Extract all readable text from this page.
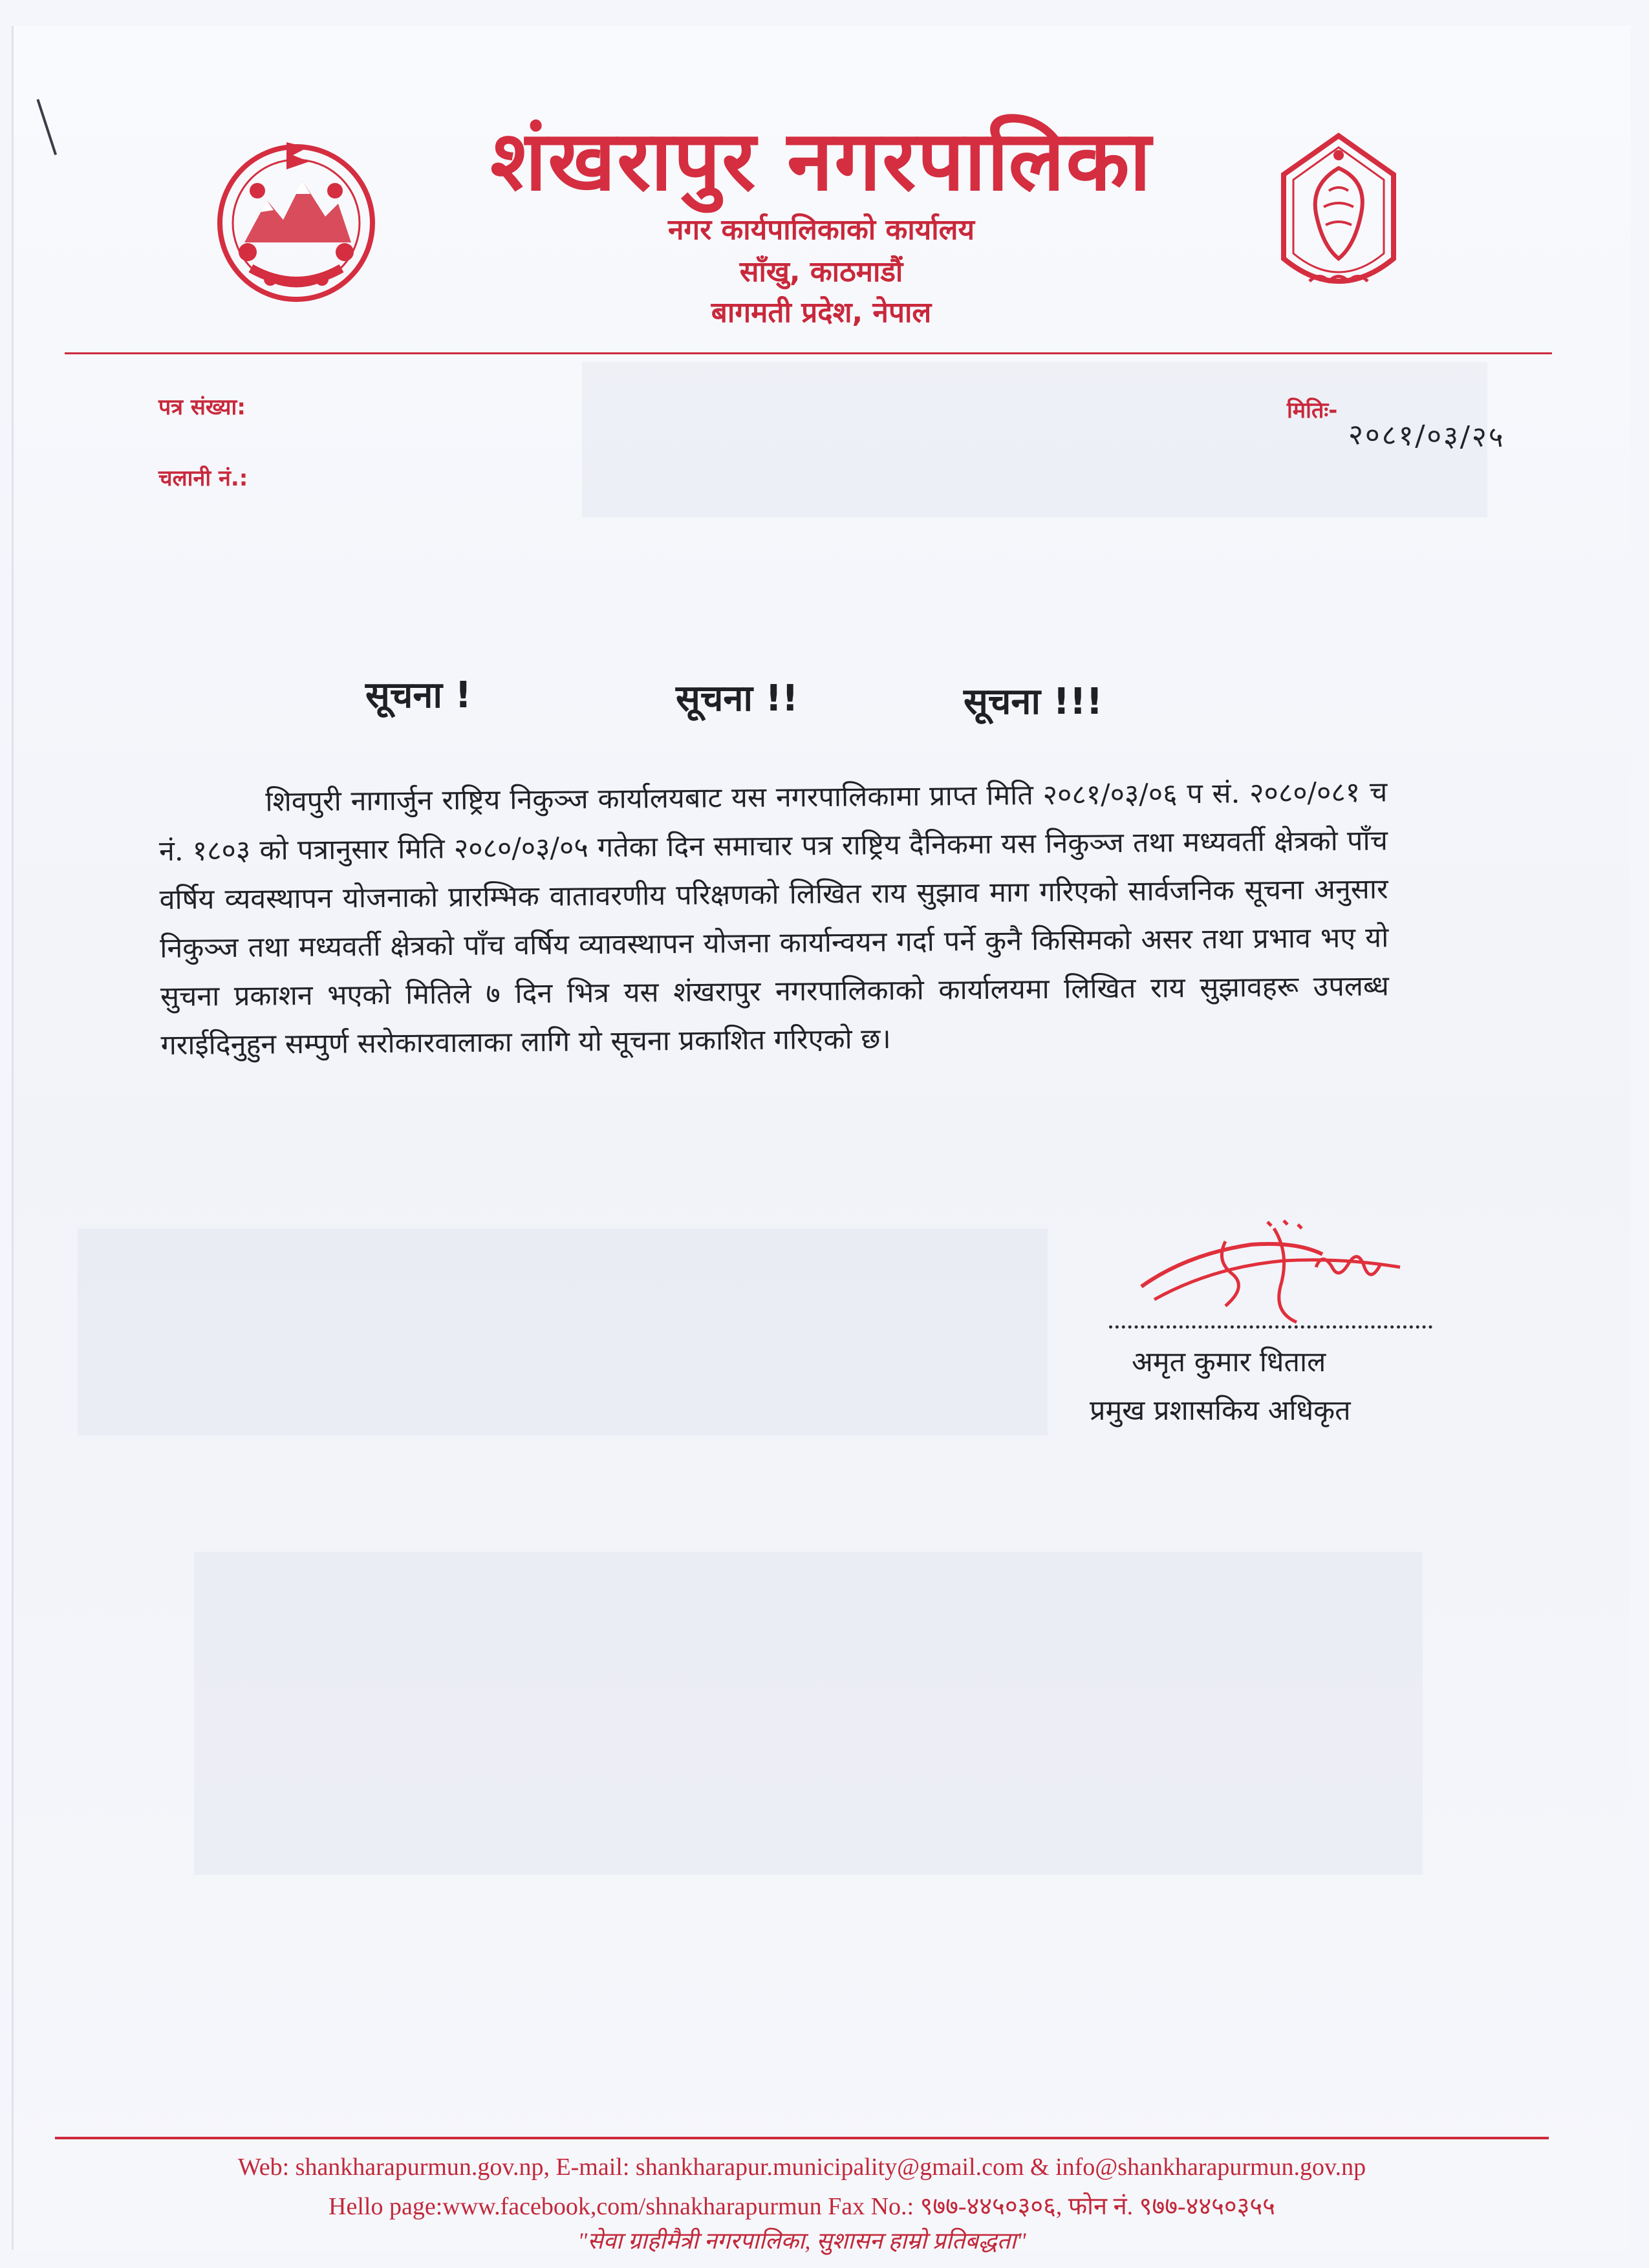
शंखरापुर नगरपालिका
नगर कार्यपालिकाको कार्यालय
साँखु, काठमाडौं
बागमती प्रदेश, नेपाल
पत्र संख्या:
चलानी नं.:
मितिः-
२०८१/०३/२५
सूचना !	सूचना !!	सूचना !!!
शिवपुरी नागार्जुन राष्ट्रिय निकुञ्ज कार्यालयबाट यस नगरपालिकामा प्राप्त मिति २०८१/०३/०६ प सं. २०८०/०८१ च नं. १८०३ को पत्रानुसार मिति २०८०/०३/०५ गतेका दिन समाचार पत्र राष्ट्रिय दैनिकमा यस निकुञ्ज तथा मध्यवर्ती क्षेत्रको पाँच वर्षिय व्यवस्थापन योजनाको प्रारम्भिक वातावरणीय परिक्षणको लिखित राय सुझाव माग गरिएको सार्वजनिक सूचना अनुसार निकुञ्ज तथा मध्यवर्ती क्षेत्रको पाँच वर्षिय व्यावस्थापन योजना कार्यान्वयन गर्दा पर्ने कुनै किसिमको असर तथा प्रभाव भए यो सुचना प्रकाशन भएको मितिले ७ दिन भित्र यस शंखरापुर नगरपालिकाको कार्यालयमा लिखित राय सुझावहरू उपलब्ध गराईदिनुहुन सम्पुर्ण सरोकारवालाका लागि यो सूचना प्रकाशित गरिएको छ।
अमृत कुमार धिताल
प्रमुख प्रशासकिय अधिकृत
Web: shankharapurmun.gov.np, E-mail: shankharapur.municipality@gmail.com & info@shankharapurmun.gov.np
Hello page:www.facebook,com/shnakharapurmun Fax No.: ९७७-४४५०३०६, फोन नं. ९७७-४४५०३५५
"सेवा ग्राहीमैत्री नगरपालिका, सुशासन हाम्रो प्रतिबद्धता"
